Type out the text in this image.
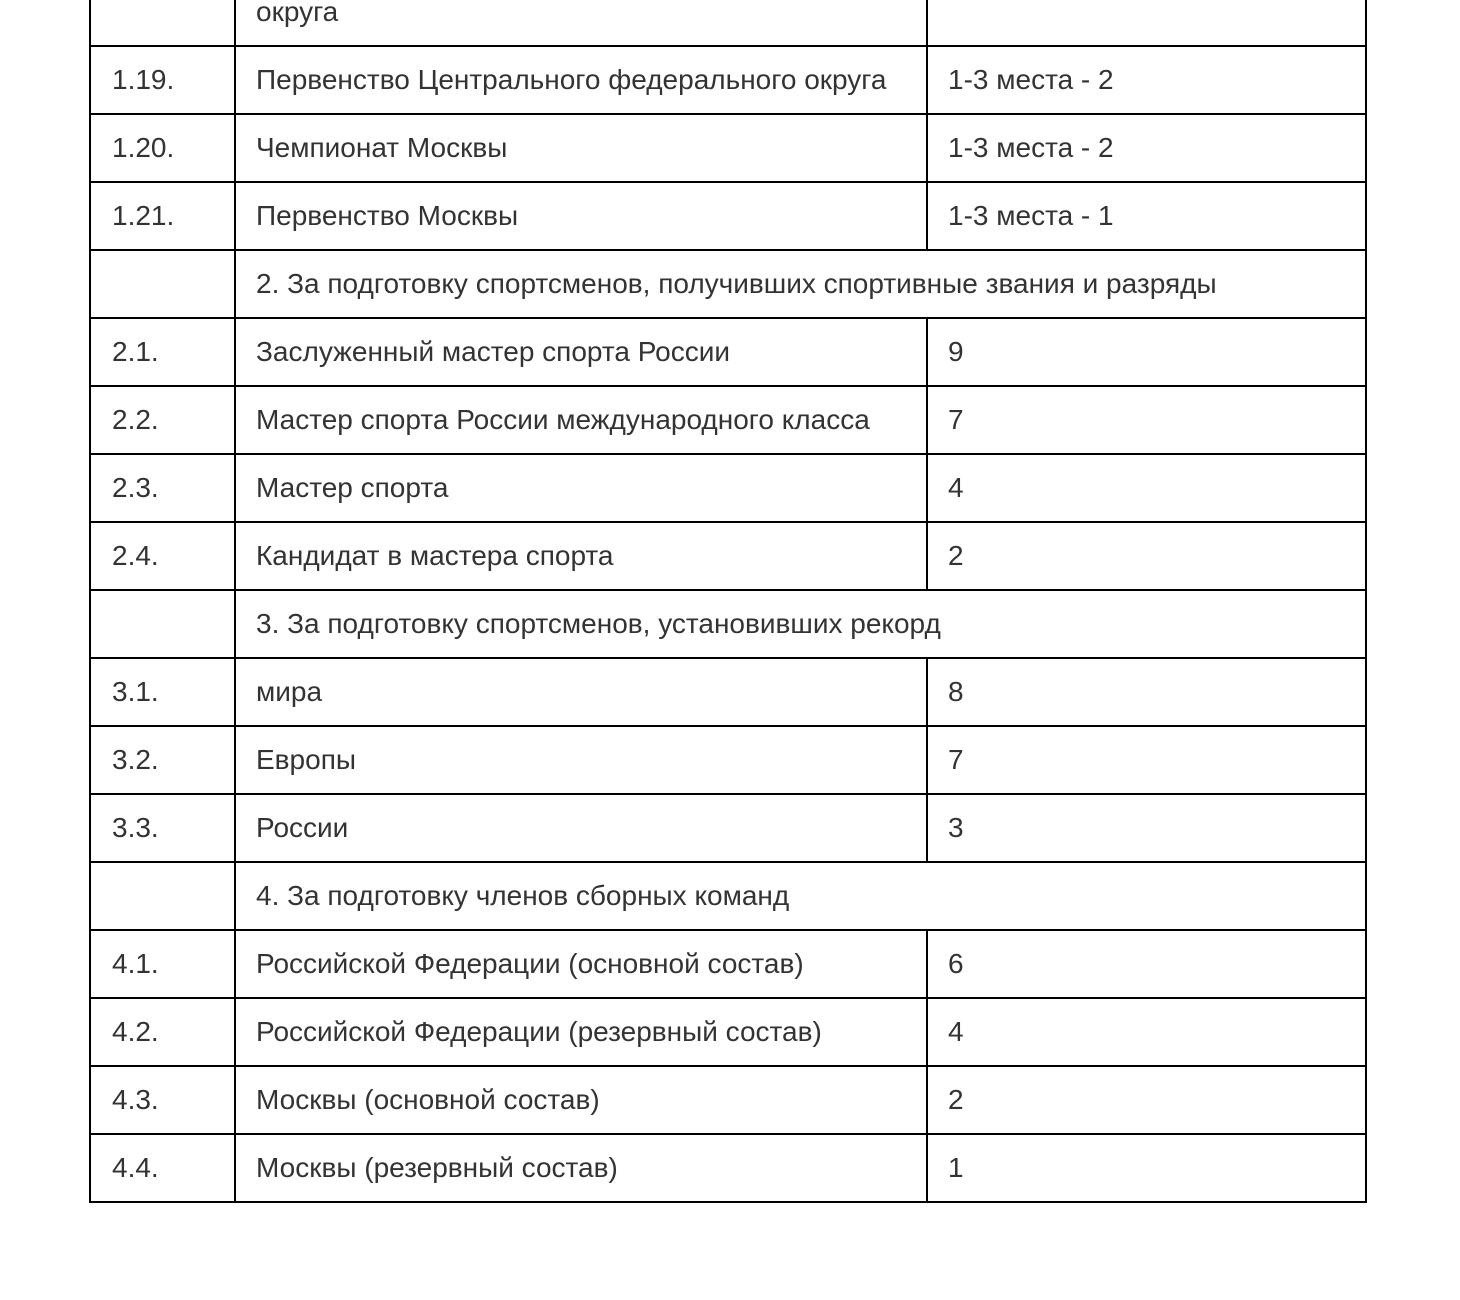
	округа	
1.19.	Первенство Центрального федерального округа	1-3 места - 2
1.20.	Чемпионат Москвы	1-3 места - 2
1.21.	Первенство Москвы	1-3 места - 1
	2. За подготовку спортсменов, получивших спортивные звания и разряды	
2.1.	Заслуженный мастер спорта России	9
2.2.	Мастер спорта России международного класса	7
2.3.	Мастер спорта	4
2.4.	Кандидат в мастера спорта	2
	3. За подготовку спортсменов, установивших рекорд	
3.1.	мира	8
3.2.	Европы	7
3.3.	России	3
	4. За подготовку членов сборных команд	
4.1.	Российской Федерации (основной состав)	6
4.2.	Российской Федерации (резервный состав)	4
4.3.	Москвы (основной состав)	2
4.4.	Москвы (резервный состав)	1
